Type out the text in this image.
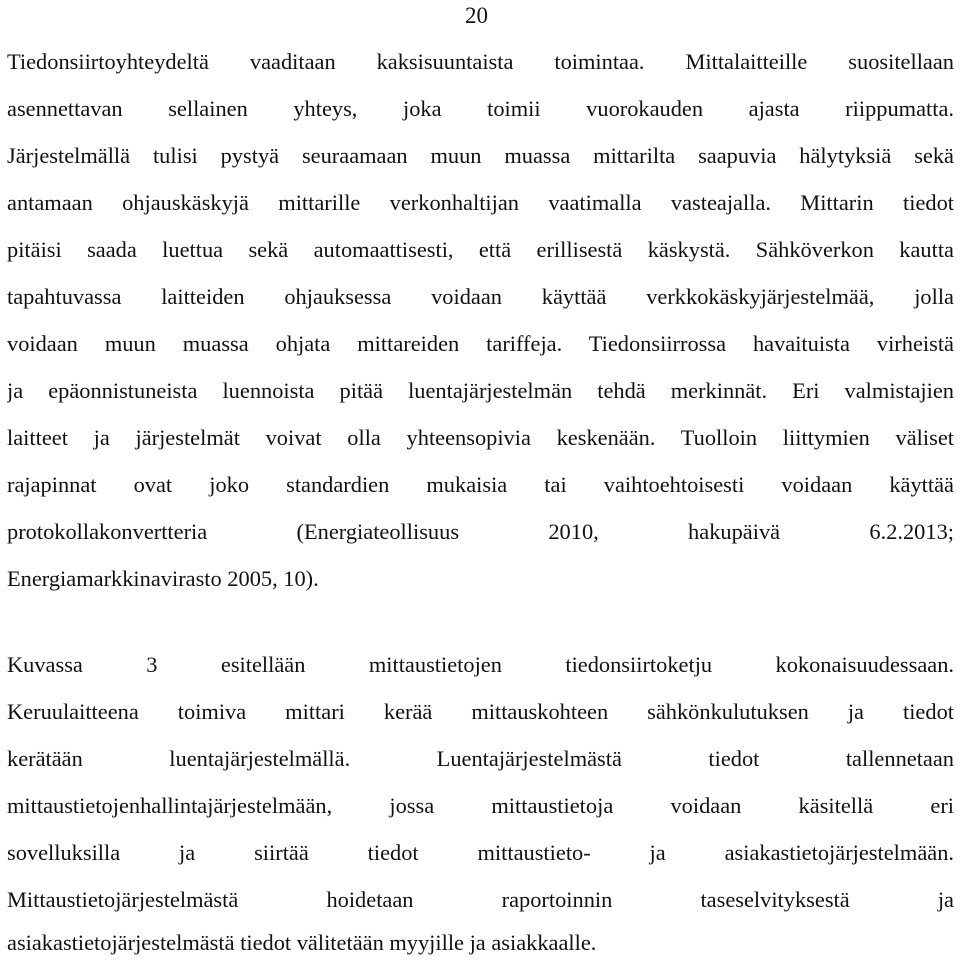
20
Tiedonsiirtoyhteydeltä vaaditaan kaksisuuntaista toimintaa. Mittalaitteille suositellaan
asennettavan sellainen yhteys, joka toimii vuorokauden ajasta riippumatta.
Järjestelmällä tulisi pystyä seuraamaan muun muassa mittarilta saapuvia hälytyksiä sekä
antamaan ohjauskäskyjä mittarille verkonhaltijan vaatimalla vasteajalla. Mittarin tiedot
pitäisi saada luettua sekä automaattisesti, että erillisestä käskystä. Sähköverkon kautta
tapahtuvassa laitteiden ohjauksessa voidaan käyttää verkkokäskyjärjestelmää, jolla
voidaan muun muassa ohjata mittareiden tariffeja. Tiedonsiirrossa havaituista virheistä
ja epäonnistuneista luennoista pitää luentajärjestelmän tehdä merkinnät. Eri valmistajien
laitteet ja järjestelmät voivat olla yhteensopivia keskenään. Tuolloin liittymien väliset
rajapinnat ovat joko standardien mukaisia tai vaihtoehtoisesti voidaan käyttää
protokollakonvertteria (Energiateollisuus 2010, hakupäivä 6.2.2013;
Energiamarkkinavirasto 2005, 10).
Kuvassa 3 esitellään mittaustietojen tiedonsiirtoketju kokonaisuudessaan.
Keruulaitteena toimiva mittari kerää mittauskohteen sähkönkulutuksen ja tiedot
kerätään luentajärjestelmällä. Luentajärjestelmästä tiedot tallennetaan
mittaustietojenhallintajärjestelmään, jossa mittaustietoja voidaan käsitellä eri
sovelluksilla ja siirtää tiedot mittaustieto- ja asiakastietojärjestelmään.
Mittaustietojärjestelmästä hoidetaan raportoinnin taseselvityksestä ja
asiakastietojärjestelmästä tiedot välitetään myyjille ja asiakkaalle.
